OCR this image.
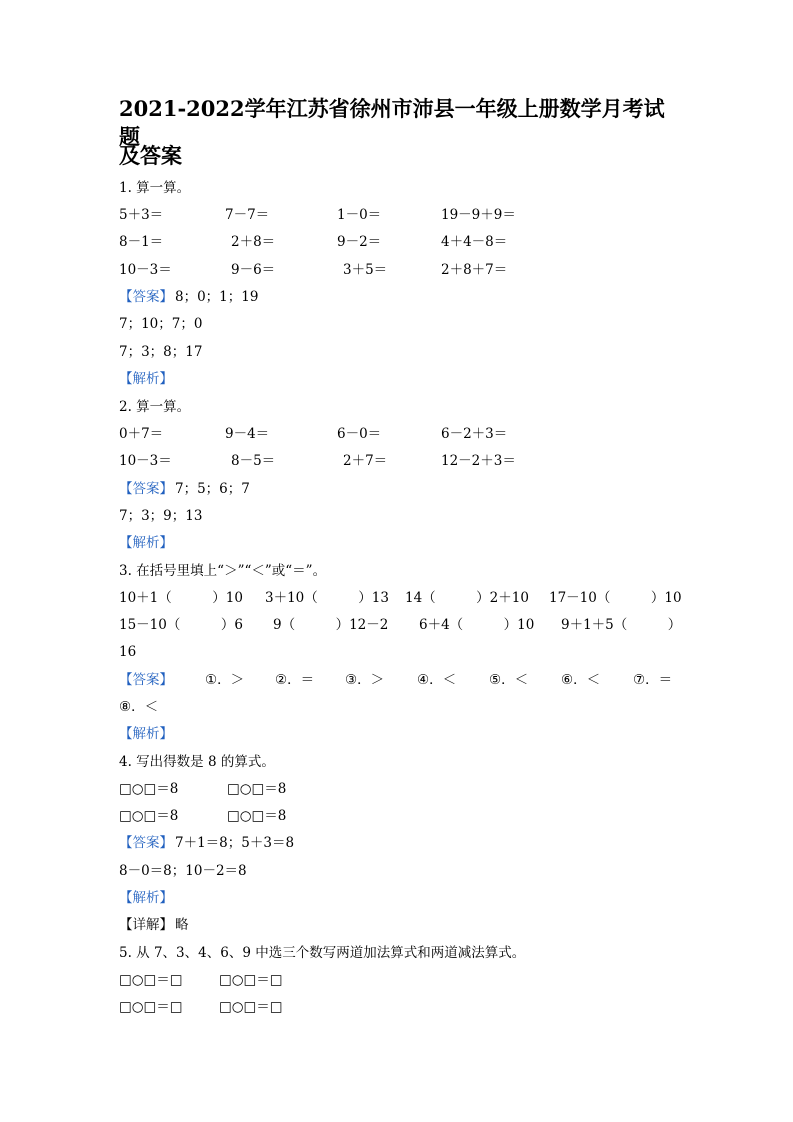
2021-2022学年江苏省徐州市沛县一年级上册数学月考试题
及答案
1. 算一算。
5＋3＝	7－7＝	1－0＝	19－9＋9＝
8－1＝	2＋8＝	9－2＝	4＋4－8＝
10－3＝	9－6＝	3＋5＝	2＋8＋7＝
【答案】 8；0；1；19
7；10；7；0
7；3；8；17
【解析】
2. 算一算。
0＋7＝	9－4＝	6－0＝	6－2＋3＝
10－3＝	8－5＝	2＋7＝	12－2＋3＝
【答案】 7；5；6；7
7；3；9；13
【解析】
3. 在括号里填上“＞”“＜”或“＝”。
10＋1（　　　）10 3＋10（　　　）13 14（　　　）2＋10 17－10（　　　）10
15－10（　　　）6 9（　　　）12－2 6＋4（　　　）10 9＋1＋5（　　　）
16
【答案】 ①．＞ ②．＝ ③．＞ ④．＜ ⑤．＜ ⑥．＜ ⑦．＝
⑧．＜
【解析】
4. 写出得数是 8 的算式。
□○□＝8	□○□＝8
□○□＝8	□○□＝8
【答案】 7＋1＝8；5＋3＝8
8－0＝8；10－2＝8
【解析】
【详解】 略
5. 从 7、3、4、6、9 中选三个数写两道加法算式和两道减法算式。
□○□＝□	□○□＝□
□○□＝□	□○□＝□
